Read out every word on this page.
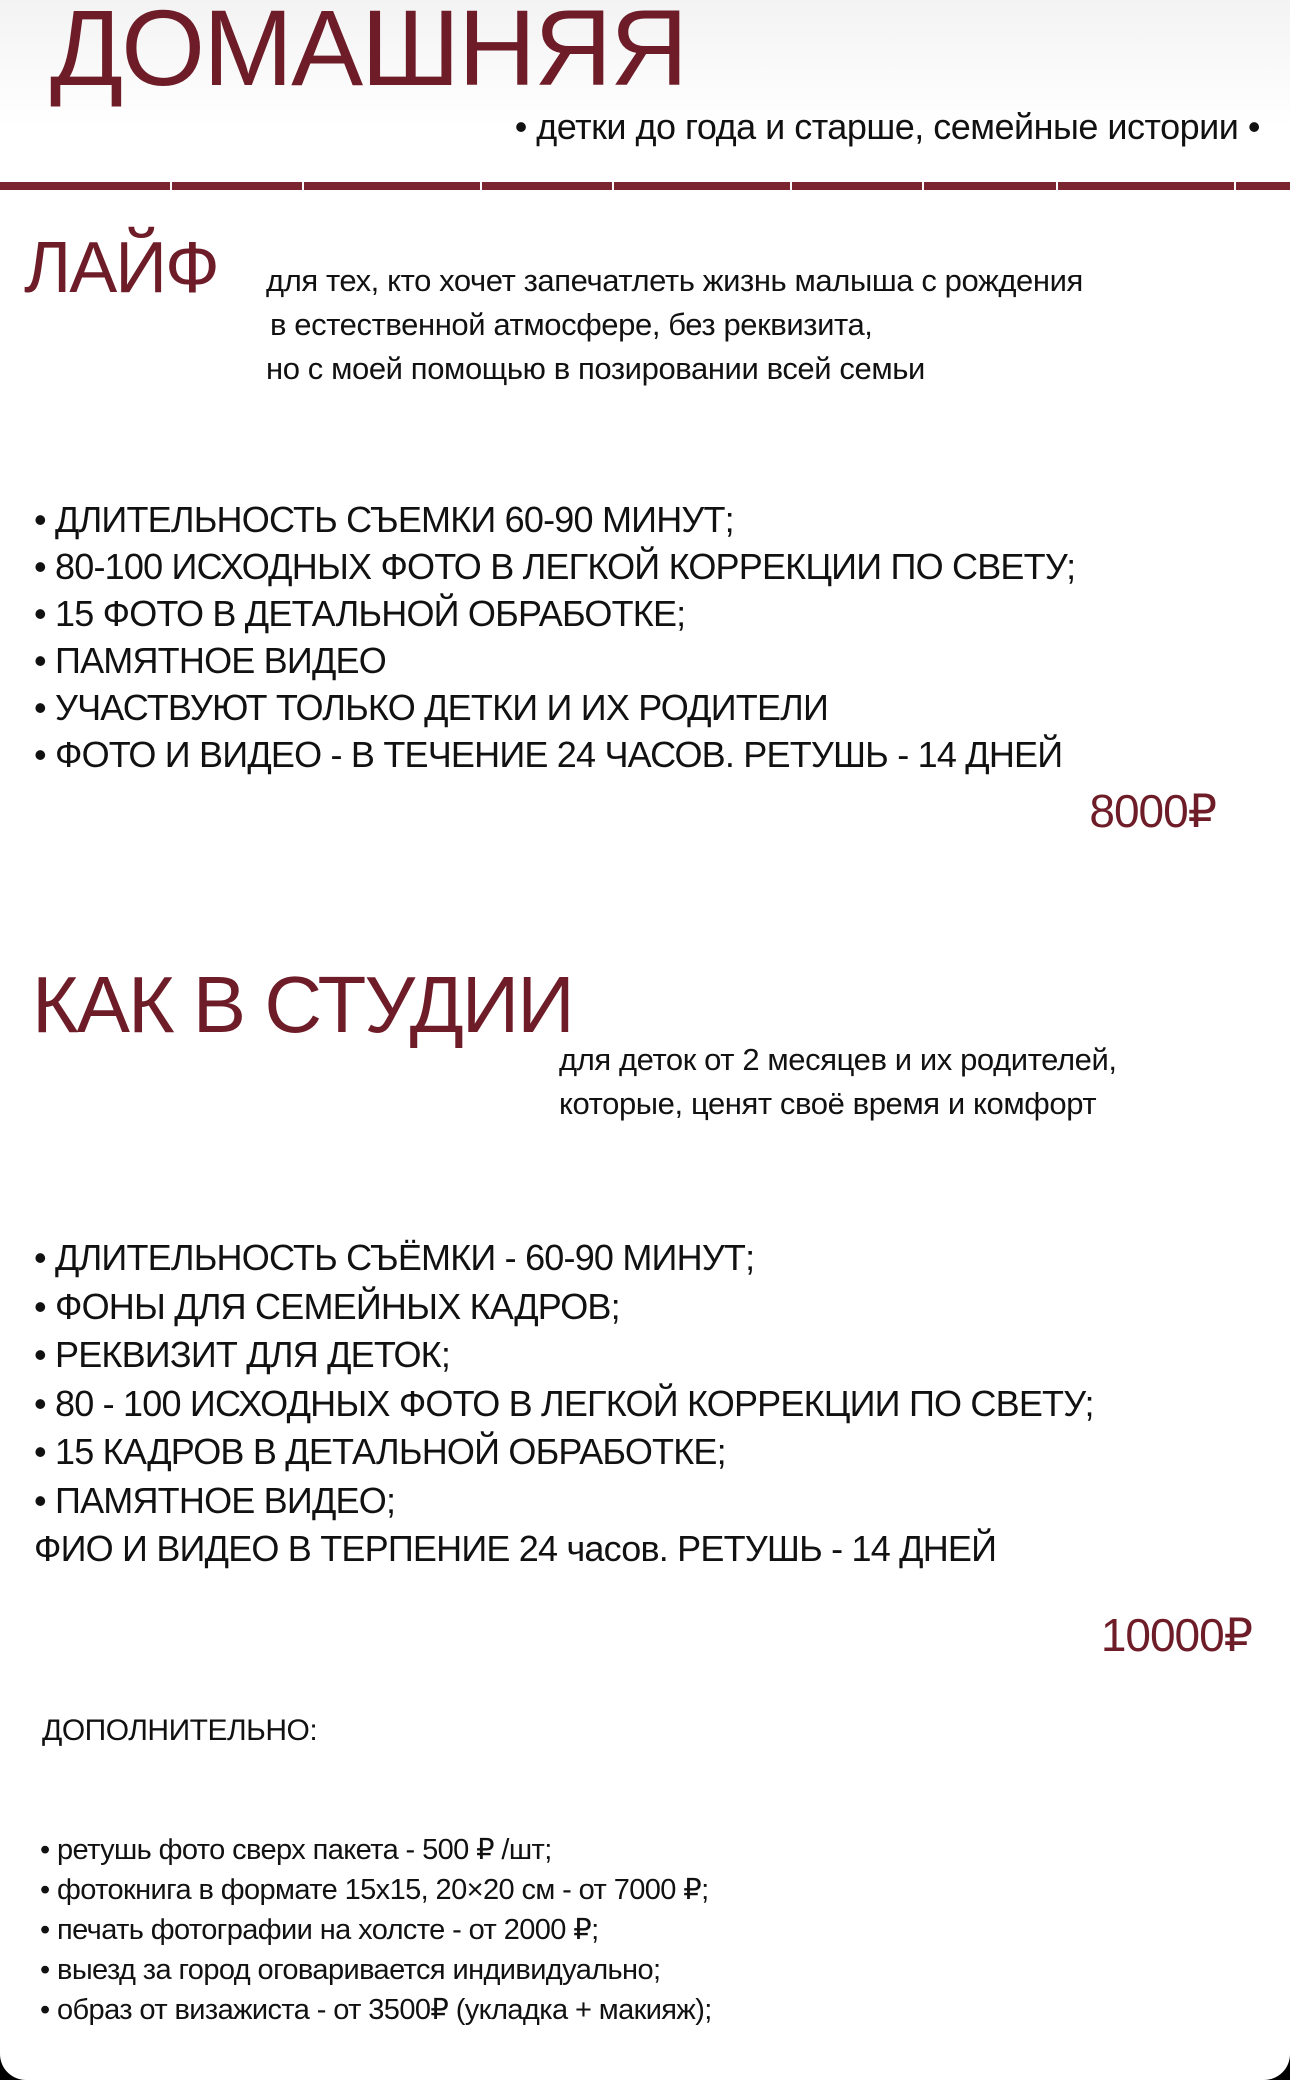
ДОМАШНЯЯ
• детки до года и старше, семейные истории •
ЛАЙФ для тех, кто хочет запечатлеть жизнь малыша с рождения
в естественной атмосфере, без реквизита,
но с моей помощью в позировании всей семьи
• ДЛИТЕЛЬНОСТЬ СЪЕМКИ 60-90 МИНУТ;
• 80-100 ИСХОДНЫХ ФОТО В ЛЕГКОЙ КОРРЕКЦИИ ПО СВЕТУ;
• 15 ФОТО В ДЕТАЛЬНОЙ ОБРАБОТКЕ;
• ПАМЯТНОЕ ВИДЕО
• УЧАСТВУЮТ ТОЛЬКО ДЕТКИ И ИХ РОДИТЕЛИ
• ФОТО И ВИДЕО - В ТЕЧЕНИЕ 24 ЧАСОВ. РЕТУШЬ - 14 ДНЕЙ
8000₽
КАК В СТУДИИ
для деток от 2 месяцев и их родителей,
которые, ценят своё время и комфорт
• ДЛИТЕЛЬНОСТЬ СЪЁМКИ - 60-90 МИНУТ;
• ФОНЫ ДЛЯ СЕМЕЙНЫХ КАДРОВ;
• РЕКВИЗИТ ДЛЯ ДЕТОК;
• 80 - 100 ИСХОДНЫХ ФОТО В ЛЕГКОЙ КОРРЕКЦИИ ПО СВЕТУ;
• 15 КАДРОВ В ДЕТАЛЬНОЙ ОБРАБОТКЕ;
• ПАМЯТНОЕ ВИДЕО;
ФИО И ВИДЕО В ТЕРПЕНИЕ 24 часов. РЕТУШЬ - 14 ДНЕЙ
10000₽
ДОПОЛНИТЕЛЬНО:
• ретушь фото сверх пакета - 500 ₽ /шт;
• фотокнига в формате 15х15, 20×20 см - от 7000 ₽;
• печать фотографии на холсте - от 2000 ₽;
• выезд за город оговаривается индивидуально;
• образ от визажиста - от 3500₽ (укладка + макияж);
